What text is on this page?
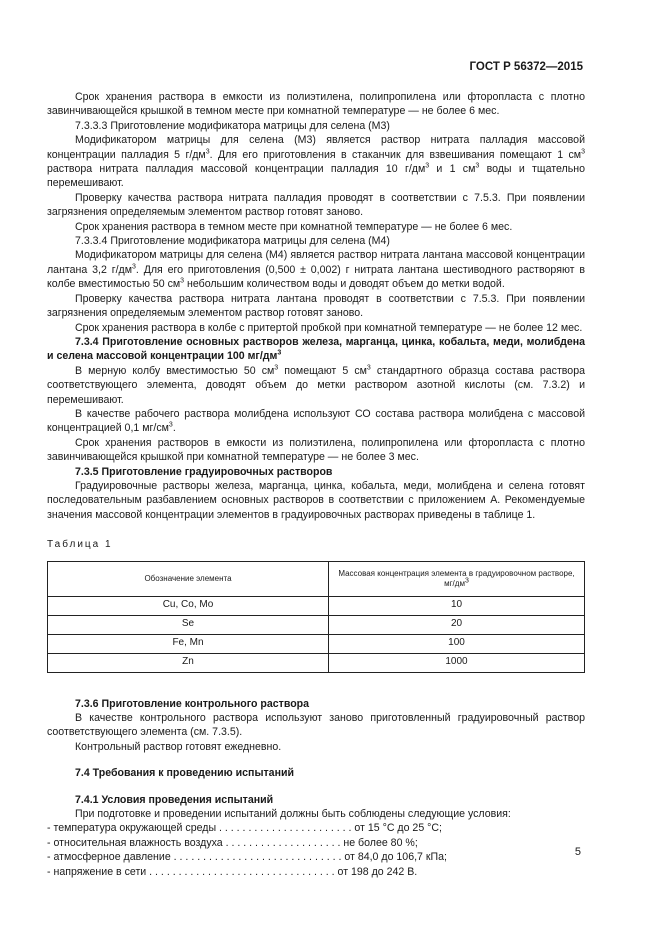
ГОСТ Р 56372—2015

Срок хранения раствора в емкости из полиэтилена, полипропилена или фторопласта с плотно завинчивающейся крышкой в темном месте при комнатной температуре — не более 6 мес.

7.3.3.3 Приготовление модификатора матрицы для селена (М3)

Модификатором матрицы для селена (М3) является раствор нитрата палладия массовой концентрации палладия 5 $г/дм^3$. Для его приготовления в стаканчик для взвешивания помещают 1 $см^3$ раствора нитрата палладия массовой концентрации палладия 10 $г/дм^3$ и 1 $см^3$ воды и тщательно перемешивают.

Проверку качества раствора нитрата палладия проводят в соответствии с 7.5.3. При появлении загрязнения определяемым элементом раствор готовят заново.

Срок хранения раствора в темном месте при комнатной температуре — не более 6 мес.

7.3.3.4 Приготовление модификатора матрицы для селена (М4)

Модификатором матрицы для селена (М4) является раствор нитрата лантана массовой концентрации лантана 3,2 $г/дм^3$. Для его приготовления (0,500 ± 0,002) г нитрата лантана шестиводного растворяют в колбе вместимостью 50 $см^3$ небольшим количеством воды и доводят объем до метки водой.

Проверку качества раствора нитрата лантана проводят в соответствии с 7.5.3. При появлении загрязнения определяемым элементом раствор готовят заново.

Срок хранения раствора в колбе с притертой пробкой при комнатной температуре — не более 12 мес.

7.3.4 Приготовление основных растворов железа, марганца, цинка, кобальта, меди, молибдена и селена массовой концентрации 100 $мг/дм^3$

В мерную колбу вместимостью 50 $см^3$ помещают 5 $см^3$ стандартного образца состава раствора соответствующего элемента, доводят объем до метки раствором азотной кислоты (см. 7.3.2) и перемешивают.

В качестве рабочего раствора молибдена используют СО состава раствора молибдена с массовой концентрацией 0,1 $мг/см^3$.

Срок хранения растворов в емкости из полиэтилена, полипропилена или фторопласта с плотно завинчивающейся крышкой при комнатной температуре — не более 3 мес.

7.3.5 Приготовление градуировочных растворов

Градуировочные растворы железа, марганца, цинка, кобальта, меди, молибдена и селена готовят последовательным разбавлением основных растворов в соответствии с приложением А. Рекомендуемые значения массовой концентрации элементов в градуировочных растворах приведены в таблице 1.

Таблица 1
Обозначение элемента	Массовая концентрация элемента в градуировочном растворе, $мг/дм^3$
Cu, Co, Mo	10
Se	20
Fe, Mn	100
Zn	1000

7.3.6 Приготовление контрольного раствора

В качестве контрольного раствора используют заново приготовленный градуировочный раствор соответствующего элемента (см. 7.3.5).

Контрольный раствор готовят ежедневно.

7.4 Требования к проведению испытаний

7.4.1 Условия проведения испытаний

При подготовке и проведении испытаний должны быть соблюдены следующие условия:

- температура окружающей среды . . . . . . . . . . . . . . . . . . . . . . . от 15 °С до 25 °С;
- относительная влажность воздуха . . . . . . . . . . . . . . . . . . . . не более 80 %;
- атмосферное давление . . . . . . . . . . . . . . . . . . . . . . . . . . . . . от 84,0 до 106,7 кПа;
- напряжение в сети . . . . . . . . . . . . . . . . . . . . . . . . . . . . . . . . от 198 до 242 В.
5
